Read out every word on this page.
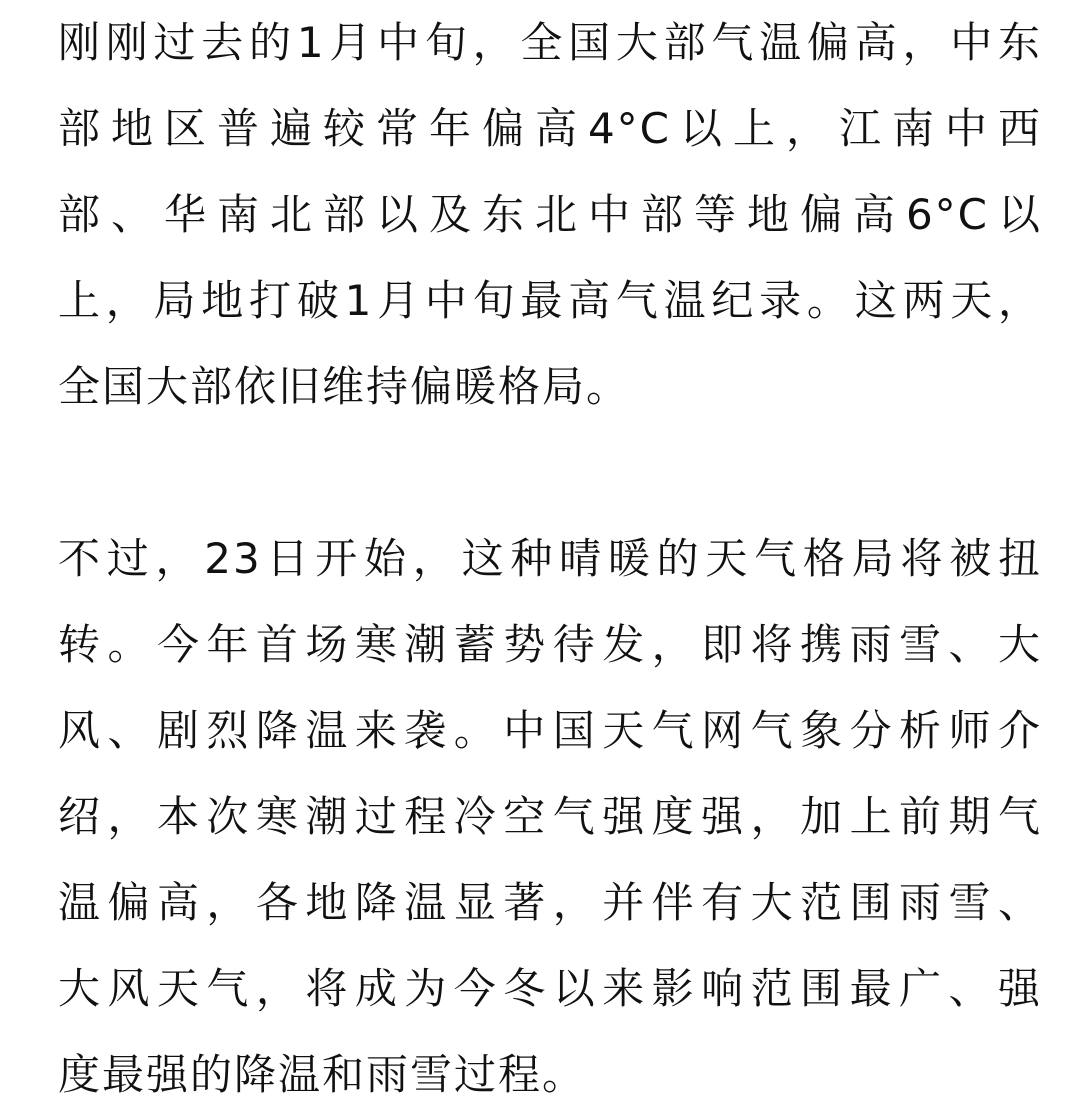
刚刚过去的1月中旬，全国大部气温偏高，中东
部地区普遍较常年偏高4°C以上，江南中西
部、华南北部以及东北中部等地偏高6°C以
上，局地打破1月中旬最高气温纪录。这两天，
全国大部依旧维持偏暖格局。

不过，23日开始，这种晴暖的天气格局将被扭
转。今年首场寒潮蓄势待发，即将携雨雪、大
风、剧烈降温来袭。中国天气网气象分析师介
绍，本次寒潮过程冷空气强度强，加上前期气
温偏高，各地降温显著，并伴有大范围雨雪、
大风天气，将成为今冬以来影响范围最广、强
度最强的降温和雨雪过程。
